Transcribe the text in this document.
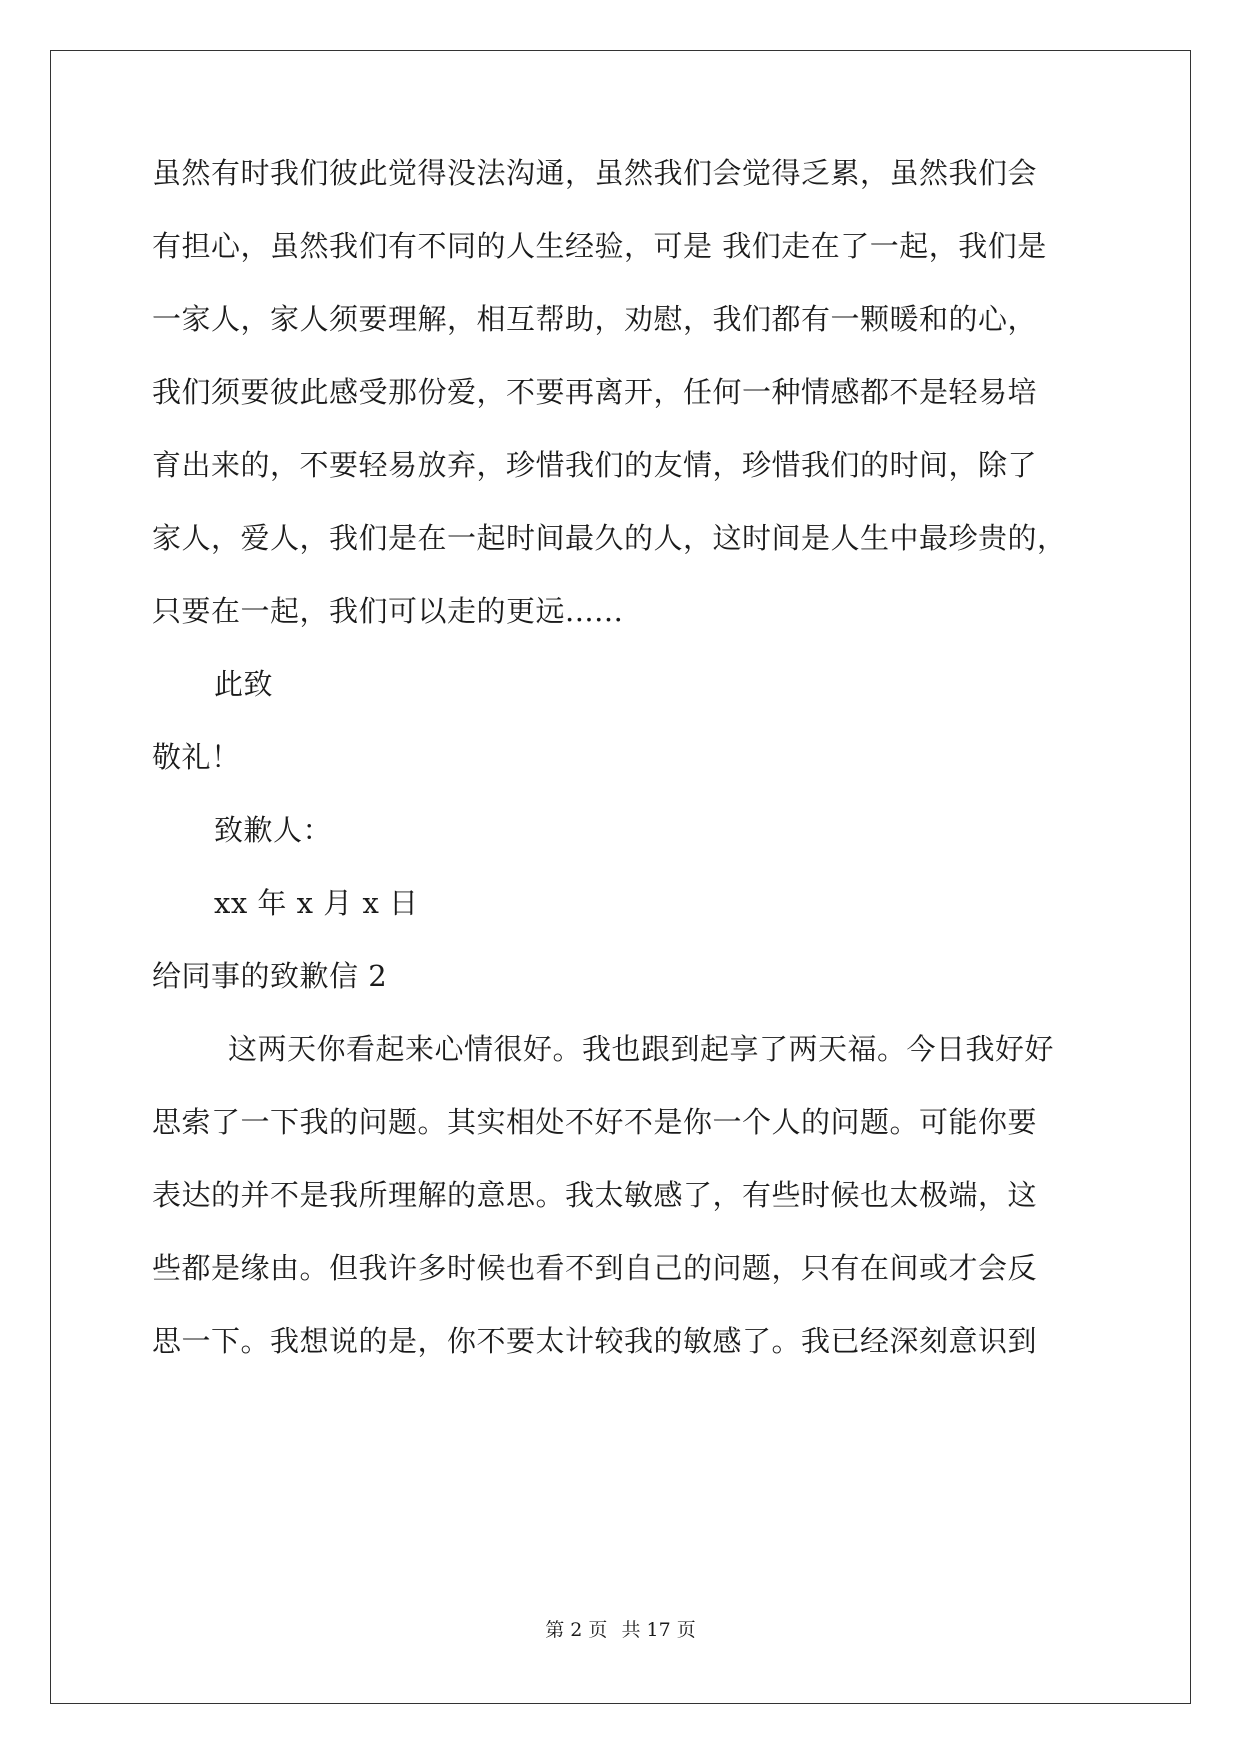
虽然有时我们彼此觉得没法沟通，虽然我们会觉得乏累，虽然我们会
有担心，虽然我们有不同的人生经验，可是 我们走在了一起，我们是
一家人，家人须要理解，相互帮助，劝慰，我们都有一颗暖和的心，
我们须要彼此感受那份爱，不要再离开，任何一种情感都不是轻易培
育出来的，不要轻易放弃，珍惜我们的友情，珍惜我们的时间，除了
家人，爱人，我们是在一起时间最久的人，这时间是人生中最珍贵的，
只要在一起，我们可以走的更远......
此致
敬礼！
致歉人：
xx 年 x 月 x 日
给同事的致歉信 2
这两天你看起来心情很好。我也跟到起享了两天福。今日我好好
思索了一下我的问题。其实相处不好不是你一个人的问题。可能你要
表达的并不是我所理解的意思。我太敏感了，有些时候也太极端，这
些都是缘由。但我许多时候也看不到自己的问题，只有在间或才会反
思一下。我想说的是，你不要太计较我的敏感了。我已经深刻意识到
第 2 页 共 17 页
